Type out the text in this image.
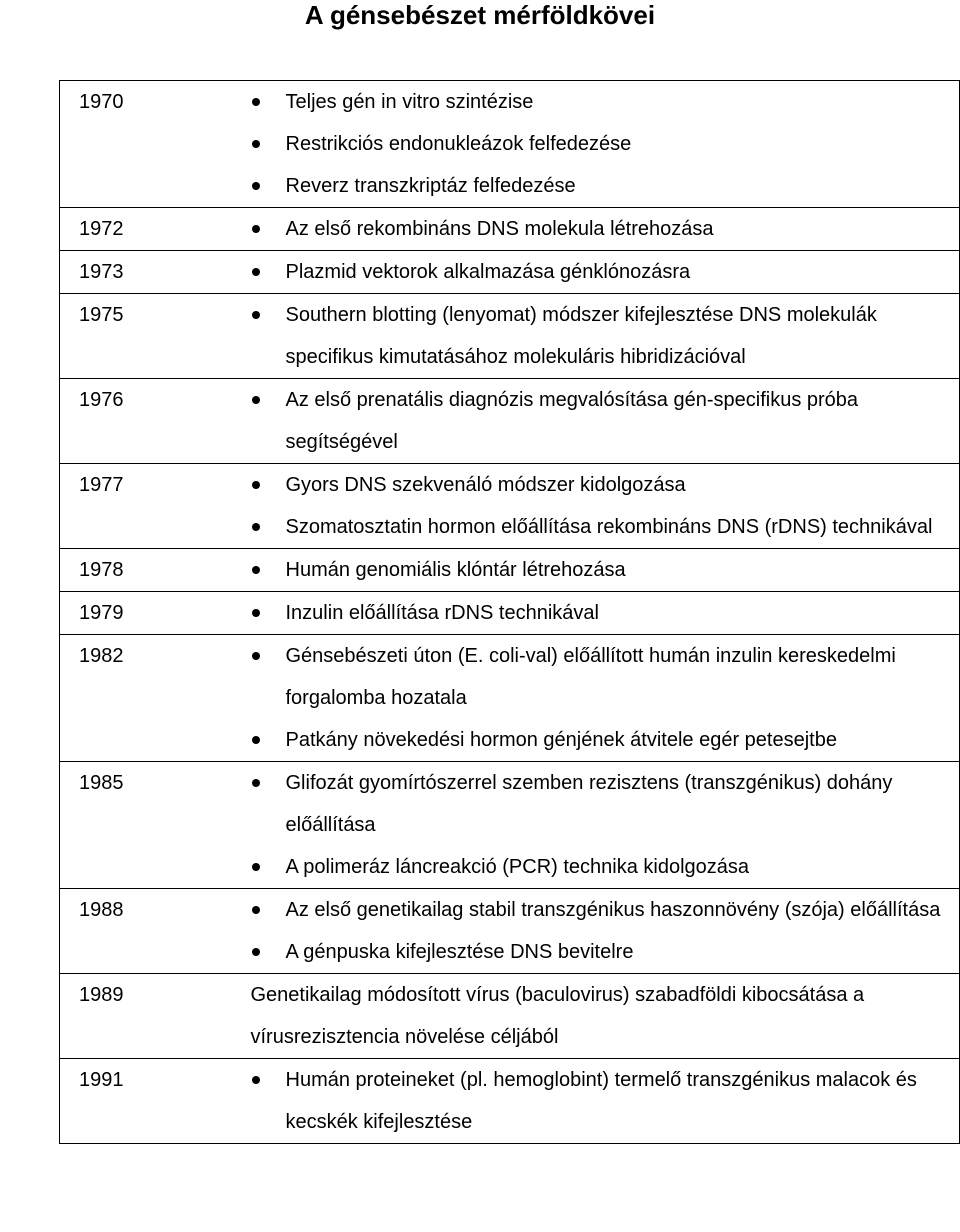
A génsebészet mérföldkövei
1970	Teljes gén in vitro szintézise
Restrikciós endonukleázok felfedezése
Reverz transzkriptáz felfedezése

1972	Az első rekombináns DNS molekula létrehozása

1973	Plazmid vektorok alkalmazása génklónozásra

1975	Southern blotting (lenyomat) módszer kifejlesztése DNS molekulák specifikus kimutatásához molekuláris hibridizációval

1976	Az első prenatális diagnózis megvalósítása gén-specifikus próba segítségével

1977	Gyors DNS szekvenáló módszer kidolgozása
Szomatosztatin hormon előállítása rekombináns DNS (rDNS) technikával

1978	Humán genomiális klóntár létrehozása

1979	Inzulin előállítása rDNS technikával

1982	Génsebészeti úton (E. coli-val) előállított humán inzulin kereskedelmi forgalomba hozatala
Patkány növekedési hormon génjének átvitele egér petesejtbe

1985	Glifozát gyomírtószerrel szemben rezisztens (transzgénikus) dohány előállítása
A polimeráz láncreakció (PCR) technika kidolgozása

1988	Az első genetikailag stabil transzgénikus haszonnövény (szója) előállítása
A génpuska kifejlesztése DNS bevitelre

1989	Genetikailag módosított vírus (baculovirus) szabadföldi kibocsátása a vírusrezisztencia növelése céljából

1991	Humán proteineket (pl. hemoglobint) termelő transzgénikus malacok és kecskék kifejlesztése
